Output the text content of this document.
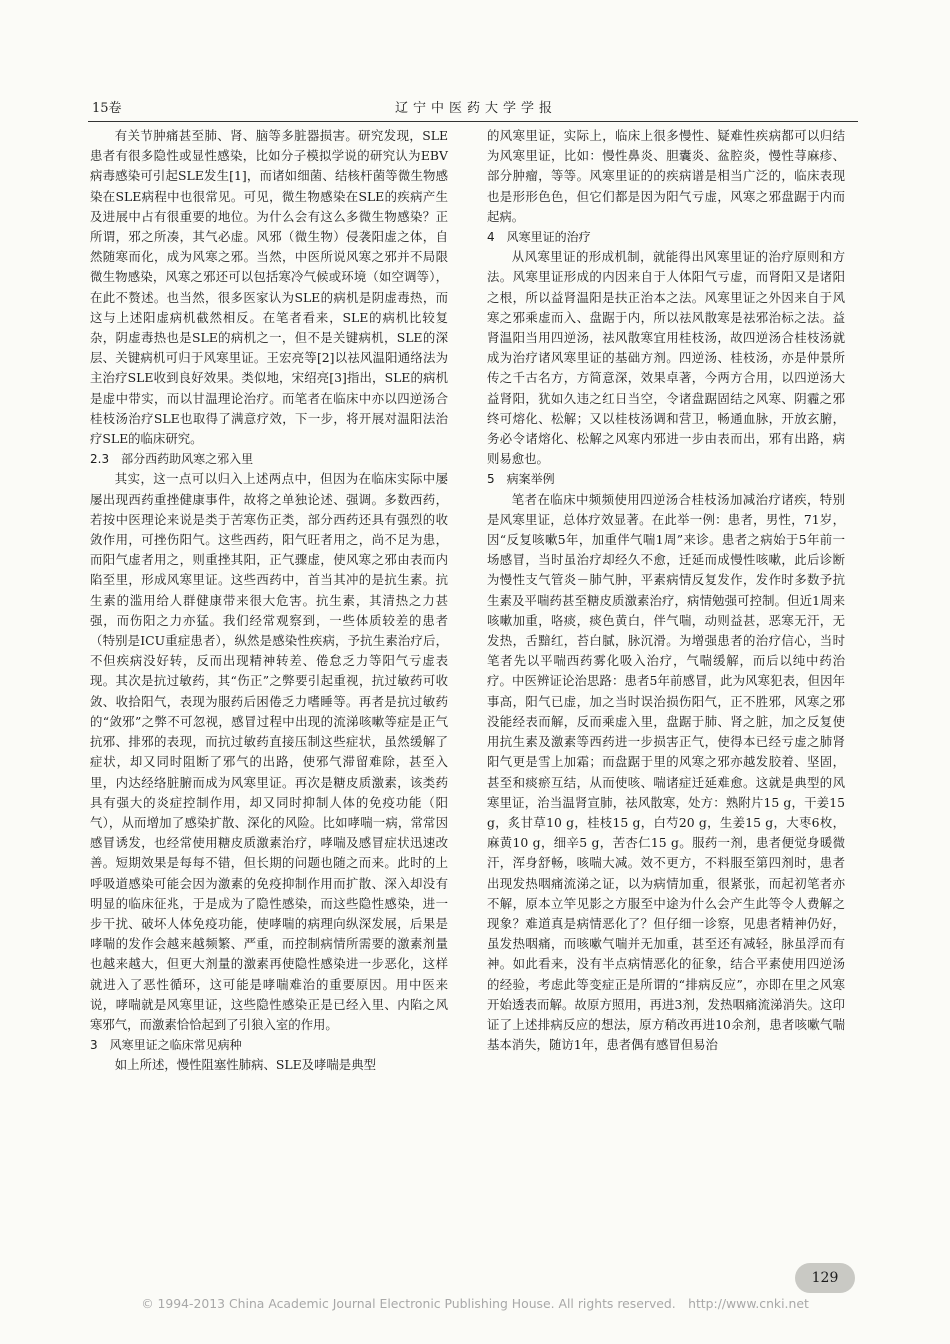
15卷	辽宁中医药大学学报

有关节肿痛甚至肺、肾、脑等多脏器损害。研究发现，SLE患者有很多隐性或显性感染，比如分子模拟学说的研究认为EBV病毒感染可引起SLE发生[1]，而诸如细菌、结核杆菌等微生物感染在SLE病程中也很常见。可见，微生物感染在SLE的疾病产生及进展中占有很重要的地位。为什么会有这么多微生物感染？正所谓，邪之所凑，其气必虚。风邪（微生物）侵袭阳虚之体，自然随寒而化，成为风寒之邪。当然，中医所说风寒之邪并不局限微生物感染，风寒之邪还可以包括寒冷气候或环境（如空调等），在此不赘述。也当然，很多医家认为SLE的病机是阴虚毒热，而这与上述阳虚病机截然相反。在笔者看来，SLE的病机比较复杂，阴虚毒热也是SLE的病机之一，但不是关键病机，SLE的深层、关键病机可归于风寒里证。王宏亮等[2]以祛风温阳通络法为主治疗SLE收到良好效果。类似地，宋绍亮[3]指出，SLE的病机是虚中带实，而以甘温理论治疗。而笔者在临床中亦以四逆汤合桂枝汤治疗SLE也取得了满意疗效，下一步，将开展对温阳法治疗SLE的临床研究。

2.3　部分西药助风寒之邪入里

其实，这一点可以归入上述两点中，但因为在临床实际中屡屡出现西药重挫健康事件，故将之单独论述、强调。多数西药，若按中医理论来说是类于苦寒伤正类，部分西药还具有强烈的收敛作用，可挫伤阳气。这些西药，阳气旺者用之，尚不足为患，而阳气虚者用之，则重挫其阳，正气骤虚，使风寒之邪由表而内陷至里，形成风寒里证。这些西药中，首当其冲的是抗生素。抗生素的滥用给人群健康带来很大危害。抗生素，其清热之力甚强，而伤阳之力亦猛。我们经常观察到，一些体质较差的患者（特别是ICU重症患者），纵然是感染性疾病，予抗生素治疗后，不但疾病没好转，反而出现精神转差、倦怠乏力等阳气亏虚表现。其次是抗过敏药，其“伤正”之弊要引起重视，抗过敏药可收敛、收拾阳气，表现为服药后困倦乏力嗜睡等。再者是抗过敏药的“敛邪”之弊不可忽视，感冒过程中出现的流涕咳嗽等症是正气抗邪、排邪的表现，而抗过敏药直接压制这些症状，虽然缓解了症状，却又同时阻断了邪气的出路，使邪气滞留难除，甚至入里，内达经络脏腑而成为风寒里证。再次是糖皮质激素，该类药具有强大的炎症控制作用，却又同时抑制人体的免疫功能（阳气），从而增加了感染扩散、深化的风险。比如哮喘一病，常常因感冒诱发，也经常使用糖皮质激素治疗，哮喘及感冒症状迅速改善。短期效果是每每不错，但长期的问题也随之而来。此时的上呼吸道感染可能会因为激素的免疫抑制作用而扩散、深入却没有明显的临床征兆，于是成为了隐性感染，而这些隐性感染，进一步干扰、破坏人体免疫功能，使哮喘的病理向纵深发展，后果是哮喘的发作会越来越频繁、严重，而控制病情所需要的激素剂量也越来越大，但更大剂量的激素再使隐性感染进一步恶化，这样就进入了恶性循环，这可能是哮喘难治的重要原因。用中医来说，哮喘就是风寒里证，这些隐性感染正是已经入里、内陷之风寒邪气，而激素恰恰起到了引狼入室的作用。

3　风寒里证之临床常见病种

如上所述，慢性阻塞性肺病、SLE及哮喘是典型

的风寒里证，实际上，临床上很多慢性、疑难性疾病都可以归结为风寒里证，比如：慢性鼻炎、胆囊炎、盆腔炎，慢性荨麻疹、部分肿瘤，等等。风寒里证的的疾病谱是相当广泛的，临床表现也是形形色色，但它们都是因为阳气亏虚，风寒之邪盘踞于内而起病。

4　风寒里证的治疗

从风寒里证的形成机制，就能得出风寒里证的治疗原则和方法。风寒里证形成的内因来自于人体阳气亏虚，而肾阳又是诸阳之根，所以益肾温阳是扶正治本之法。风寒里证之外因来自于风寒之邪乘虚而入、盘踞于内，所以祛风散寒是祛邪治标之法。益肾温阳当用四逆汤，祛风散寒宜用桂枝汤，故四逆汤合桂枝汤就成为治疗诸风寒里证的基础方剂。四逆汤、桂枝汤，亦是仲景所传之千古名方，方简意深，效果卓著，今两方合用，以四逆汤大益肾阳，犹如久违之红日当空，令诸盘踞固结之风寒、阴霾之邪终可熔化、松解；又以桂枝汤调和营卫，畅通血脉，开放玄腑，务必令诸熔化、松解之风寒内邪进一步由表而出，邪有出路，病则易愈也。

5　病案举例

笔者在临床中频频使用四逆汤合桂枝汤加减治疗诸疾，特别是风寒里证，总体疗效显著。在此举一例：患者，男性，71岁，因“反复咳嗽5年，加重伴气喘1周”来诊。患者之病始于5年前一场感冒，当时虽治疗却经久不愈，迁延而成慢性咳嗽，此后诊断为慢性支气管炎－肺气肿，平素病情反复发作，发作时多数予抗生素及平喘药甚至糖皮质激素治疗，病情勉强可控制。但近1周来咳嗽加重，咯痰，痰色黄白，伴气喘，动则益甚，恶寒无汗，无发热，舌黯红，苔白腻，脉沉滑。为增强患者的治疗信心，当时笔者先以平喘西药雾化吸入治疗，气喘缓解，而后以纯中药治疗。中医辨证论治思路：患者5年前感冒，此为风寒犯表，但因年事高，阳气已虚，加之当时误治损伤阳气，正不胜邪，风寒之邪没能经表而解，反而乘虚入里，盘踞于肺、肾之脏，加之反复使用抗生素及激素等西药进一步损害正气，使得本已经亏虚之肺肾阳气更是雪上加霜；而盘踞于里的风寒之邪亦越发胶着、坚固，甚至和痰瘀互结，从而使咳、喘诸症迁延难愈。这就是典型的风寒里证，治当温肾宣肺，祛风散寒，处方：熟附片15 g，干姜15 g，炙甘草10 g，桂枝15 g，白芍20 g，生姜15 g，大枣6枚，麻黄10 g，细辛5 g，苦杏仁15 g。服药一剂，患者便觉身暖微汗，浑身舒畅，咳喘大减。效不更方，不料服至第四剂时，患者出现发热咽痛流涕之证，以为病情加重，很紧张，而起初笔者亦不解，原本立竿见影之方服至中途为什么会产生此等令人费解之现象？难道真是病情恶化了？但仔细一诊察，见患者精神仍好，虽发热咽痛，而咳嗽气喘并无加重，甚至还有减轻，脉虽浮而有神。如此看来，没有半点病情恶化的征象，结合平素使用四逆汤的经验，考虑此等变症正是所谓的“排病反应”，亦即在里之风寒开始透表而解。故原方照用，再进3剂，发热咽痛流涕消失。这印证了上述排病反应的想法，原方稍改再进10余剂，患者咳嗽气喘基本消失，随访1年，患者偶有感冒但易治

129
© 1994-2013 China Academic Journal Electronic Publishing House. All rights reserved.　http://www.cnki.net
